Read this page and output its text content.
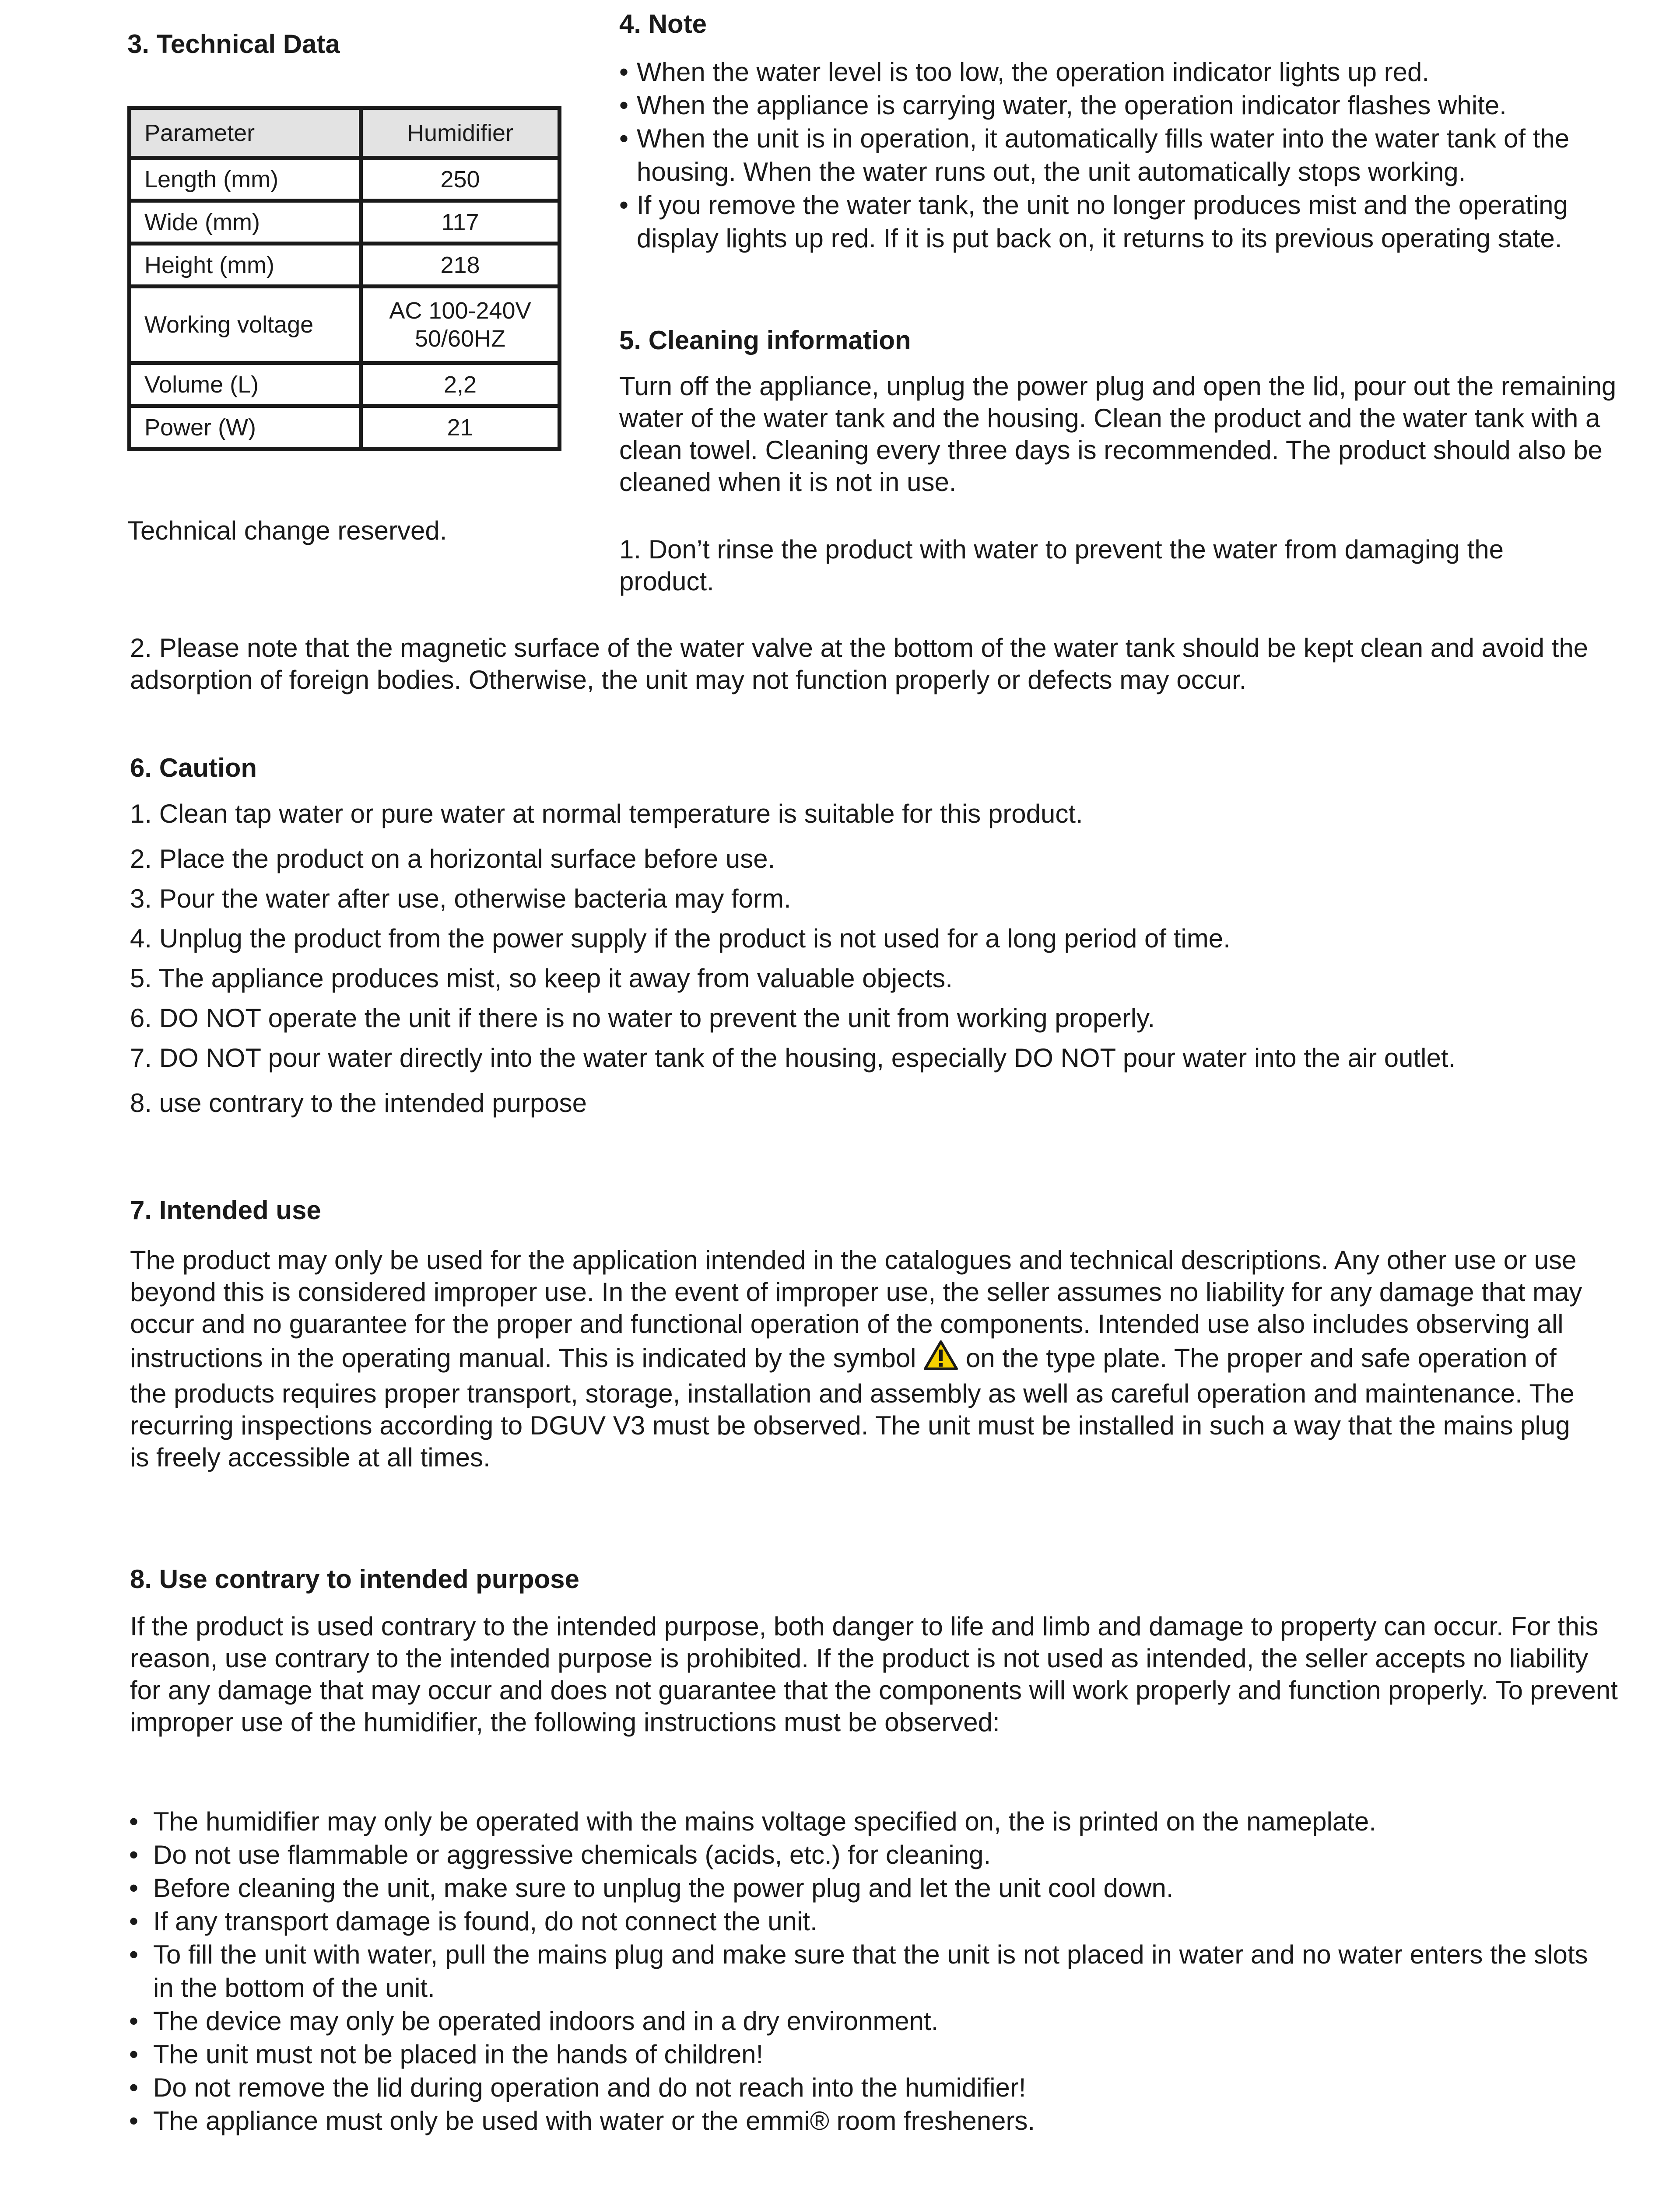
3. Technical Data
Parameter	Humidifier
Length (mm)	250
Wide (mm)	117
Height (mm)	218
Working voltage	AC 100-240V 50/60HZ
Volume (L)	2,2
Power (W)	21

Technical change reserved.

4. Note
• When the water level is too low, the operation indicator lights up red.
• When the appliance is carrying water, the operation indicator flashes white.
• When the unit is in operation, it automatically fills water into the water tank of the housing. When the water runs out, the unit automatically stops working.
• If you remove the water tank, the unit no longer produces mist and the operating display lights up red. If it is put back on, it returns to its previous operating state.
5. Cleaning information

Turn off the appliance, unplug the power plug and open the lid, pour out the remaining water of the water tank and the housing. Clean the product and the water tank with a clean towel. Cleaning every three days is recommended. The product should also be cleaned when it is not in use.

1. Don’t rinse the product with water to prevent the water from damaging the product.

2. Please note that the magnetic surface of the water valve at the bottom of the water tank should be kept clean and avoid the adsorption of foreign bodies. Otherwise, the unit may not function properly or defects may occur.

6. Caution

1. Clean tap water or pure water at normal temperature is suitable for this product.

2. Place the product on a horizontal surface before use.

3. Pour the water after use, otherwise bacteria may form.

4. Unplug the product from the power supply if the product is not used for a long period of time.

5. The appliance produces mist, so keep it away from valuable objects.

6. DO NOT operate the unit if there is no water to prevent the unit from working properly.

7. DO NOT pour water directly into the water tank of the housing, especially DO NOT pour water into the air outlet.

8. use contrary to the intended purpose

7. Intended use

The product may only be used for the application intended in the catalogues and technical descriptions. Any other use or use beyond this is considered improper use. In the event of improper use, the seller assumes no liability for any damage that may occur and no guarantee for the proper and functional operation of the components. Intended use also includes observing all instructions in the operating manual. This is indicated by the symbol on the type plate. The proper and safe operation of the products requires proper transport, storage, installation and assembly as well as careful operation and maintenance. The recurring inspections according to DGUV V3 must be observed. The unit must be installed in such a way that the mains plug is freely accessible at all times.

8. Use contrary to intended purpose

If the product is used contrary to the intended purpose, both danger to life and limb and damage to property can occur. For this reason, use contrary to the intended purpose is prohibited. If the product is not used as intended, the seller accepts no liability for any damage that may occur and does not guarantee that the components will work properly and function properly. To prevent improper use of the humidifier, the following instructions must be observed:

• The humidifier may only be operated with the mains voltage specified on, the is printed on the nameplate.
• Do not use flammable or aggressive chemicals (acids, etc.) for cleaning.
• Before cleaning the unit, make sure to unplug the power plug and let the unit cool down.
• If any transport damage is found, do not connect the unit.
• To fill the unit with water, pull the mains plug and make sure that the unit is not placed in water and no water enters the slots in the bottom of the unit.
• The device may only be operated indoors and in a dry environment.
• The unit must not be placed in the hands of children!
• Do not remove the lid during operation and do not reach into the humidifier!
• The appliance must only be used with water or the emmi® room fresheners.
